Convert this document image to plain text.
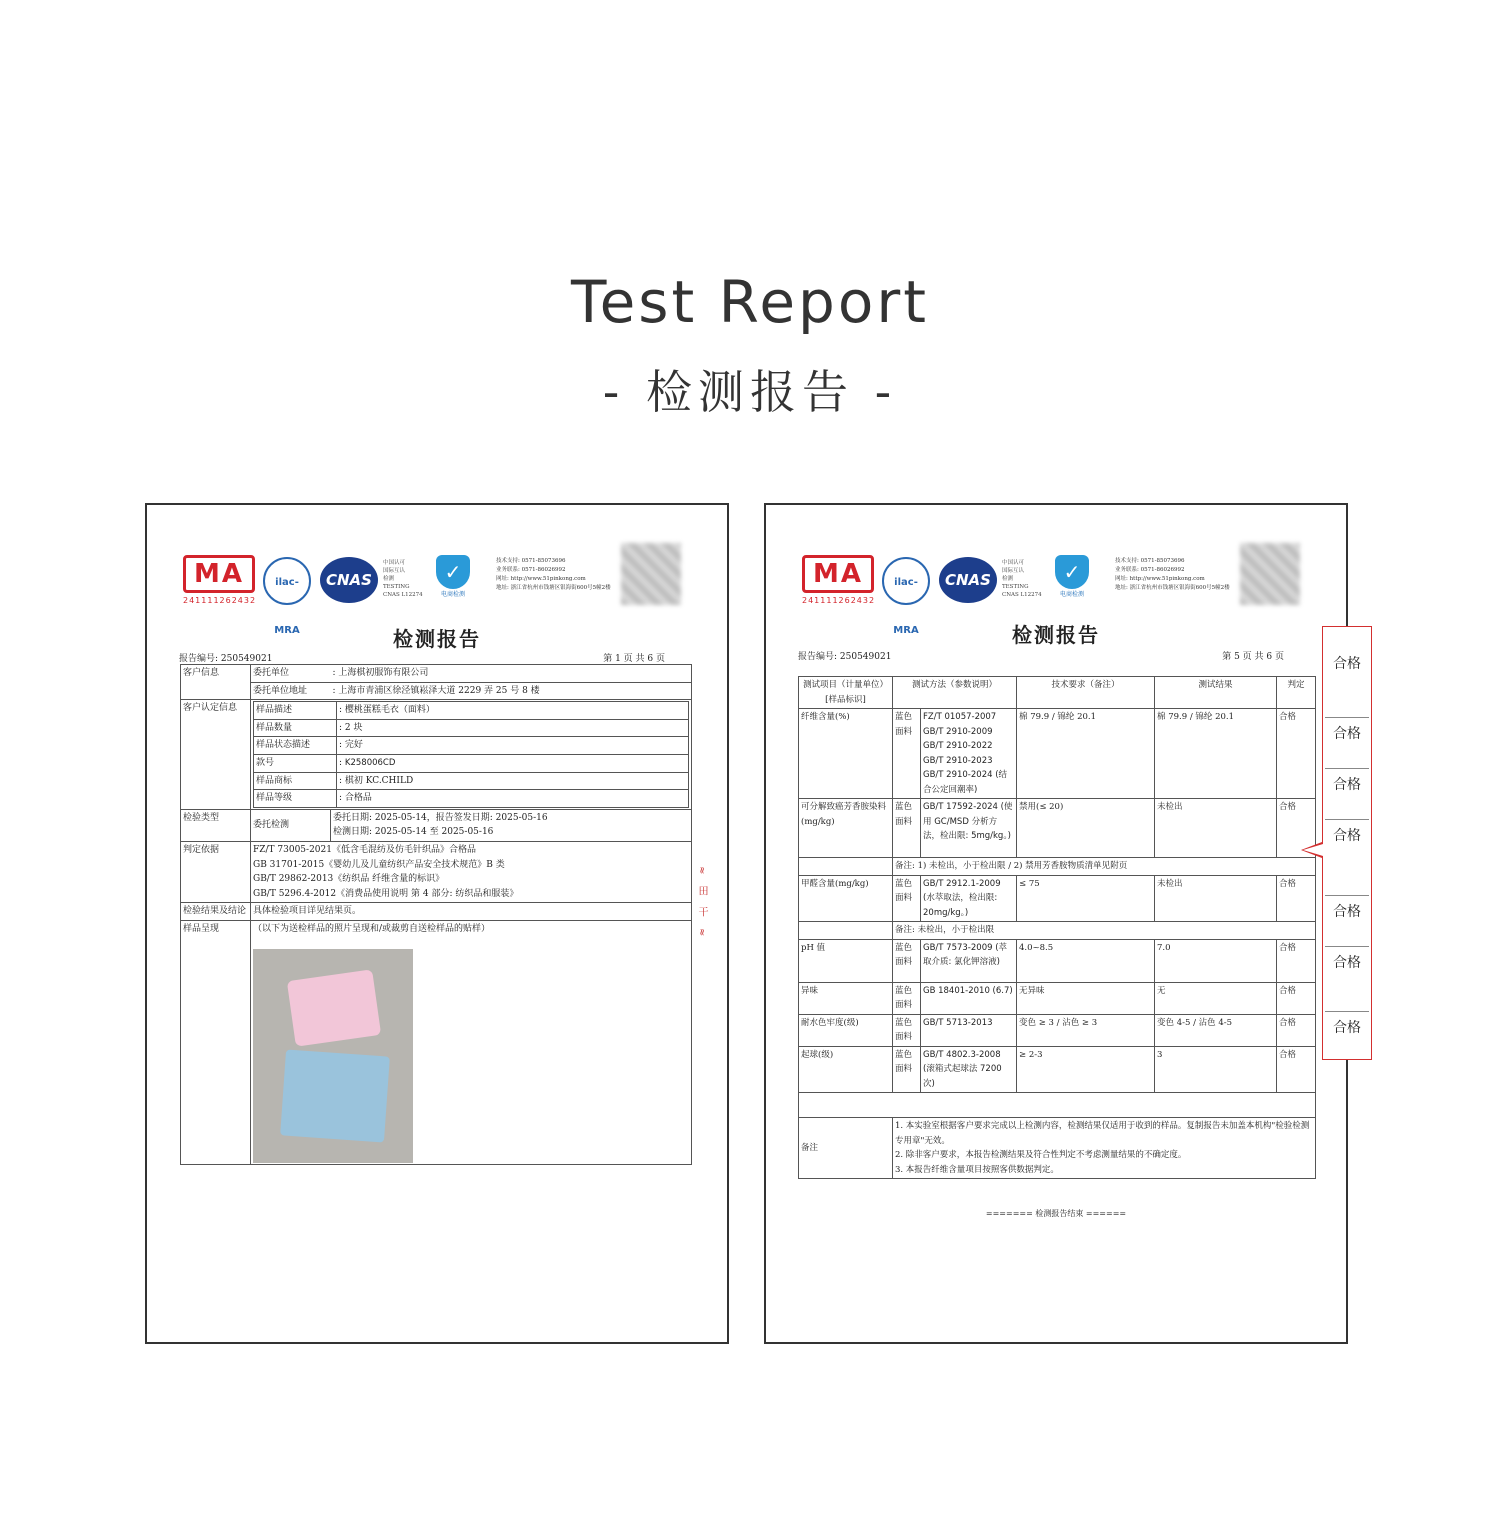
Test Report
- 检测报告 -
MA
241111262432
ilac-MRA
CNAS
中国认可
国际互认
检测
TESTING
CNAS L12274
✓
电商检测
技术支持: 0571-85073696
业务联系: 0571-86026992
网址: http://www.51pinkong.com
地址: 浙江省杭州市钱塘区银海街600号5幢2楼
检测报告
报告编号: 250549021	第 1 页 共 6 页
客户信息	委托单位	: 上海棋初服饰有限公司
委托单位地址	: 上海市青浦区徐泾镇崧泽大道 2229 弄 25 号 8 楼
客户认定信息	样品描述	: 樱桃蛋糕毛衣（面料）
样品数量	: 2 块
样品状态描述	: 完好
款号	: K258006CD
样品商标	: 棋初 KC.CHILD
样品等级	: 合格品

检验类型	委托检测	
委托日期: 2025-05-14，报告签发日期: 2025-05-16
检测日期: 2025-05-14 至 2025-05-16

判定依据	FZ/T 73005-2021《低含毛混纺及仿毛针织品》合格品
GB 31701-2015《婴幼儿及儿童纺织产品安全技术规范》B 类
GB/T 29862-2013《纺织品 纤维含量的标识》
GB/T 5296.4-2012《消费品使用说明 第 4 部分: 纺织品和服装》

检验结果及结论	具体检验项目详见结果页。
样品呈现	（以下为送检样品的照片呈现和/或裁剪自送检样品的贴样）	≈ 田 干 ≈
MA
241111262432
ilac-MRA
CNAS
中国认可
国际互认
检测
TESTING
CNAS L12274
✓
电商检测
技术支持: 0571-85073696
业务联系: 0571-86026992
网址: http://www.51pinkong.com
地址: 浙江省杭州市钱塘区银海街600号5幢2楼
检测报告
报告编号: 250549021	第 5 页 共 6 页
测试项目（计量单位）[样品标识]	测试方法（参数说明）		技术要求（备注）	测试结果	判定
纤维含量(%)	蓝色面料	FZ/T 01057-2007 GB/T 2910-2009 GB/T 2910-2022 GB/T 2910-2023 GB/T 2910-2024 (结合公定回潮率)	棉 79.9 / 锦纶 20.1	棉 79.9 / 锦纶 20.1	合格
可分解致癌芳香胺染料(mg/kg)	蓝色面料	GB/T 17592-2024 (使用 GC/MSD 分析方法，检出限: 5mg/kg。)	禁用(≤ 20)	未检出	合格
	备注: 1) 未检出，小于检出限 / 2) 禁用芳香胺物质清单见附页				
甲醛含量(mg/kg)	蓝色面料	GB/T 2912.1-2009 (水萃取法，检出限: 20mg/kg。)	≤ 75	未检出	合格
	备注: 未检出，小于检出限				
pH 值	蓝色面料	GB/T 7573-2009 (萃取介质: 氯化钾溶液)	4.0~8.5	7.0	合格
异味	蓝色面料	GB 18401-2010 (6.7)	无异味	无	合格
耐水色牢度(级)	蓝色面料	GB/T 5713-2013	变色 ≥ 3 / 沾色 ≥ 3	变色 4-5 / 沾色 4-5	合格
起球(级)	蓝色面料	GB/T 4802.3-2008 (滚箱式起球法 7200 次)	≥ 2-3	3	合格

备注	1. 本实验室根据客户要求完成以上检测内容，检测结果仅适用于收到的样品。复制报告未加盖本机构"检验检测专用章"无效。
2. 除非客户要求，本报告检测结果及符合性判定不考虑测量结果的不确定度。
3. 本报告纤维含量项目按照客供数据判定。				
======= 检测报告结束 ======
合格
合格
合格
合格
合格
合格
合格
